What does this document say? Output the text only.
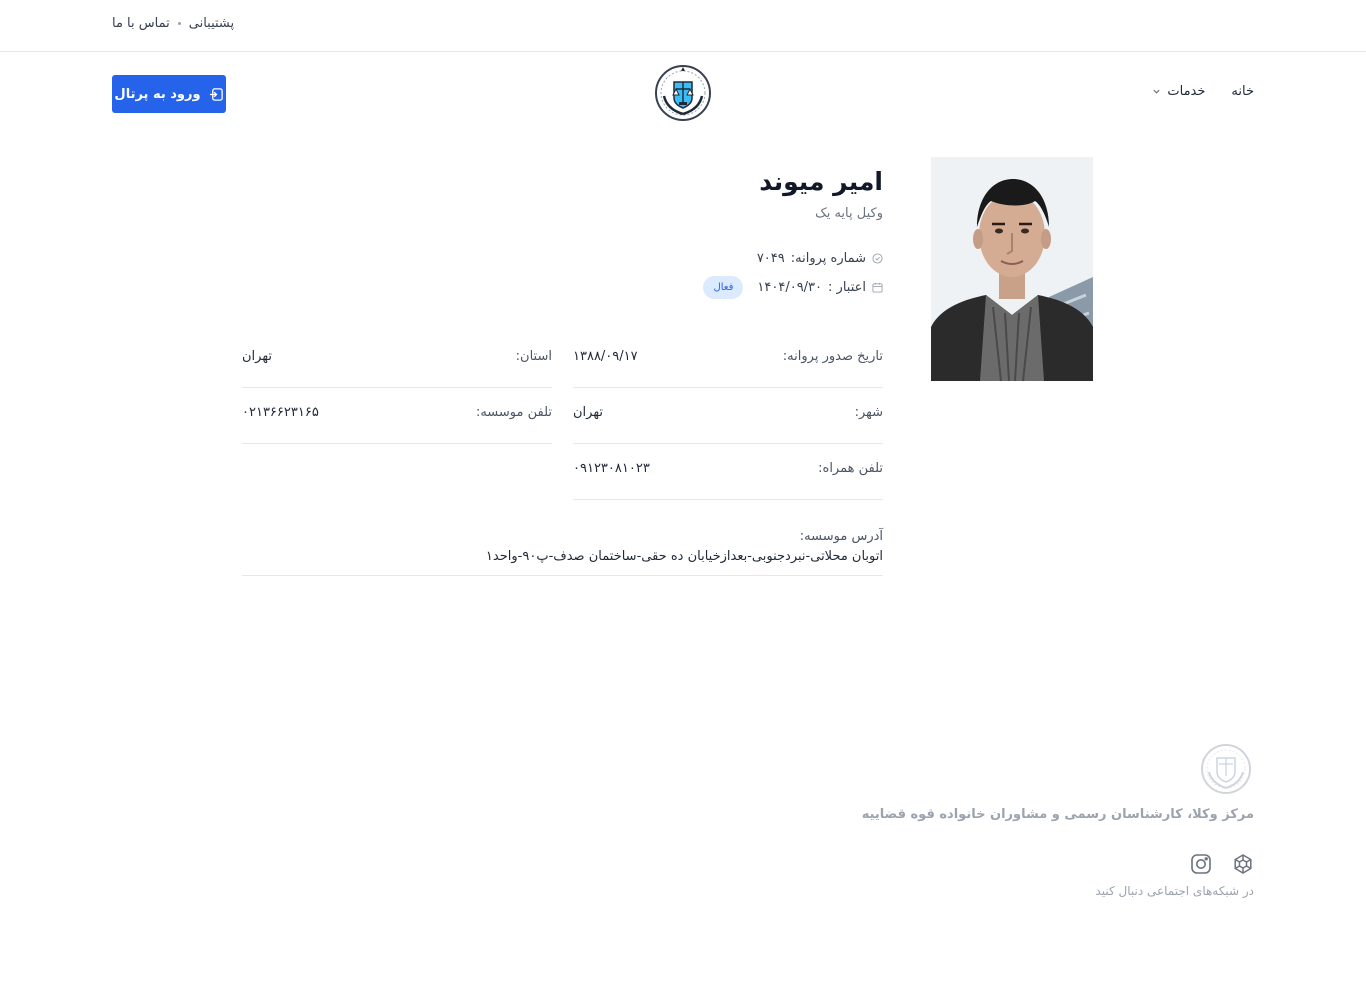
پشتیبانی
تماس با ما
ورود به پرتال	خانه
خدمات
امیر میوند
وکیل پایه یک
شماره پروانه:
۷۰۴۹
اعتبار :
۱۴۰۴/۰۹/۳۰
فعال
تاریخ صدور پروانه:
۱۳۸۸/۰۹/۱۷
استان:
تهران
شهر:
تهران
تلفن موسسه:
۰۲۱۳۶۶۲۳۱۶۵
تلفن همراه:
۰۹۱۲۳۰۸۱۰۲۳
آدرس موسسه:
اتوبان محلاتی-نبردجنوبی-بعدازخیابان ده حقی-ساختمان صدف-پ۹۰-واحد۱
مرکز وکلا، کارشناسان رسمی و مشاوران خانواده قوه قضاییه
در شبکه‌های اجتماعی دنبال کنید
